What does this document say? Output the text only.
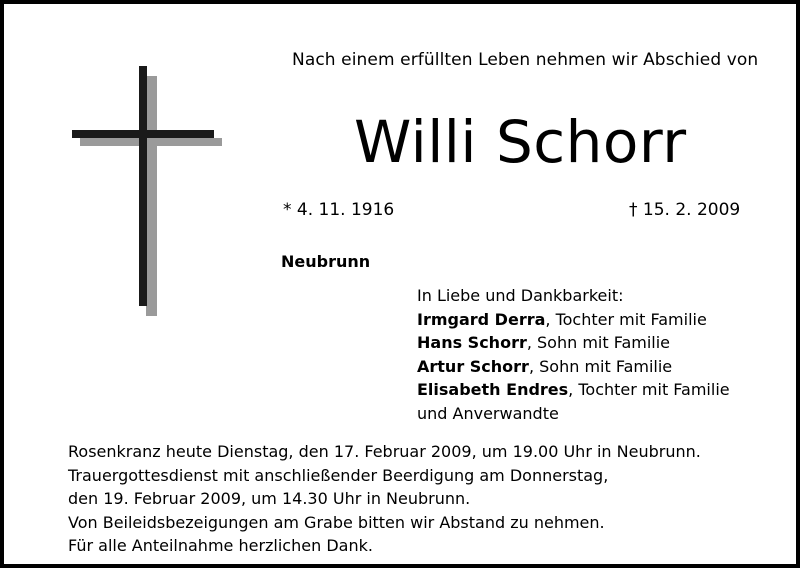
Nach einem erfüllten Leben nehmen wir Abschied von
Willi Schorr
* 4. 11. 1916	† 15. 2. 2009
Neubrunn
In Liebe und Dankbarkeit:
Irmgard Derra, Tochter mit Familie
Hans Schorr, Sohn mit Familie
Artur Schorr, Sohn mit Familie
Elisabeth Endres, Tochter mit Familie
und Anverwandte
Rosenkranz heute Dienstag, den 17. Februar 2009, um 19.00 Uhr in Neubrunn.
Trauergottesdienst mit anschließender Beerdigung am Donnerstag,
den 19. Februar 2009, um 14.30 Uhr in Neubrunn.
Von Beileidsbezeigungen am Grabe bitten wir Abstand zu nehmen.
Für alle Anteilnahme herzlichen Dank.
